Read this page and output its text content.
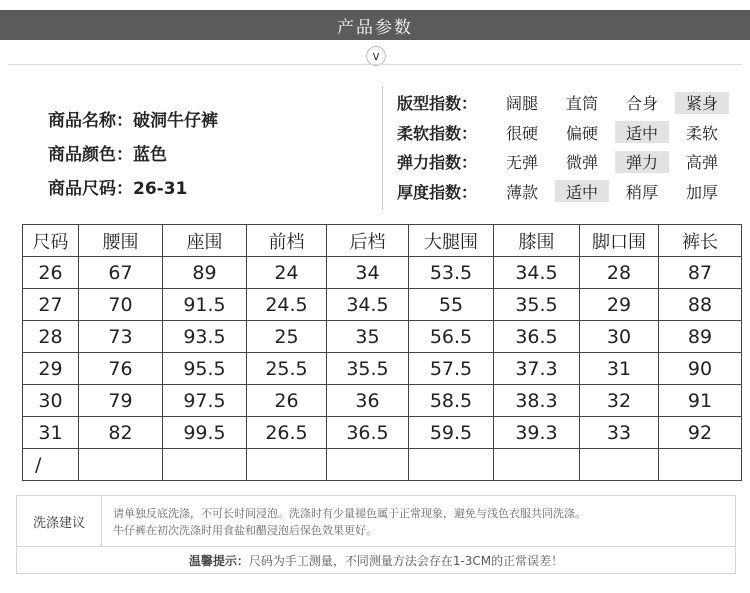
产品参数
v
商品名称： 破洞牛仔裤
商品颜色： 蓝色
商品尺码： 26-31
版型指数：	阔腿	直筒	合身	紧身
柔软指数：	很硬	偏硬	适中	柔软
弹力指数：	无弹	微弹	弹力	高弹
厚度指数：	薄款	适中	稍厚	加厚
尺码	腰围	座围	前档	后档	大腿围	膝围	脚口围	裤长
26	67	89	24	34	53.5	34.5	28	87
27	70	91.5	24.5	34.5	55	35.5	29	88
28	73	93.5	25	35	56.5	36.5	30	89
29	76	95.5	25.5	35.5	57.5	37.3	31	90
30	79	97.5	26	36	58.5	38.3	32	91
31	82	99.5	26.5	36.5	59.5	39.3	33	92
/								
洗涤建议
请单独反底洗涤，不可长时间浸泡。洗涤时有少量褪色属于正常现象，避免与浅色衣服共同洗涤。
牛仔裤在初次洗涤时用食盐和醋浸泡后保色效果更好。
温馨提示： 尺码为手工测量，不同测量方法会存在1-3CM的正常误差！
